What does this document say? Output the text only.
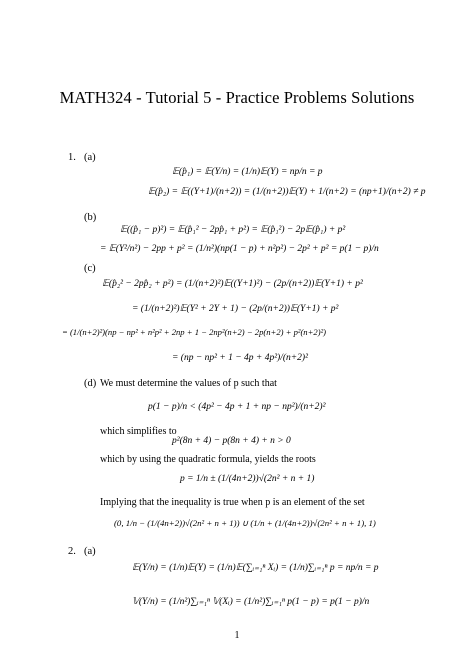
MATH324 - Tutorial 5 - Practice Problems Solutions
1. (a)
𝔼(p̂₁) = 𝔼(Y/n) = (1/n)𝔼(Y) = np/n = p
𝔼(p̂₂) = 𝔼((Y+1)/(n+2)) = (1/(n+2))𝔼(Y) + 1/(n+2) = (np+1)/(n+2) ≠ p
(b)
𝔼((p̂₁ − p)²) = 𝔼(p̂₁² − 2pp̂₁ + p²) = 𝔼(p̂₁²) − 2p𝔼(p̂₁) + p²
= 𝔼(Y²/n²) − 2pp + p² = (1/n²)(np(1 − p) + n²p²) − 2p² + p² = p(1 − p)/n
(c)
𝔼(p̂₂² − 2pp̂₂ + p²) = (1/(n+2)²)𝔼((Y+1)²) − (2p/(n+2))𝔼(Y+1) + p²
= (1/(n+2)²)𝔼(Y² + 2Y + 1) − (2p/(n+2))𝔼(Y+1) + p²
= (1/(n+2)²)(np − np² + n²p² + 2np + 1 − 2np²(n+2) − 2p(n+2) + p²(n+2)²)
= (np − np² + 1 − 4p + 4p²)/(n+2)²
(d) We must determine the values of p such that
p(1 − p)/n < (4p² − 4p + 1 + np − np²)/(n+2)²
which simplifies to
p²(8n + 4) − p(8n + 4) + n > 0
which by using the quadratic formula, yields the roots
p = 1/n ± (1/(4n+2))√(2n² + n + 1)
Implying that the inequality is true when p is an element of the set
(0, 1/n − (1/(4n+2))√(2n² + n + 1)) ∪ (1/n + (1/(4n+2))√(2n² + n + 1), 1)
2. (a)
𝔼(Y/n) = (1/n)𝔼(Y) = (1/n)𝔼(∑ᵢ₌₁ⁿ Xᵢ) = (1/n)∑ᵢ₌₁ⁿ p = np/n = p
𝕍(Y/n) = (1/n²)∑ᵢ₌₁ⁿ 𝕍(Xᵢ) = (1/n²)∑ᵢ₌₁ⁿ p(1 − p) = p(1 − p)/n
1
